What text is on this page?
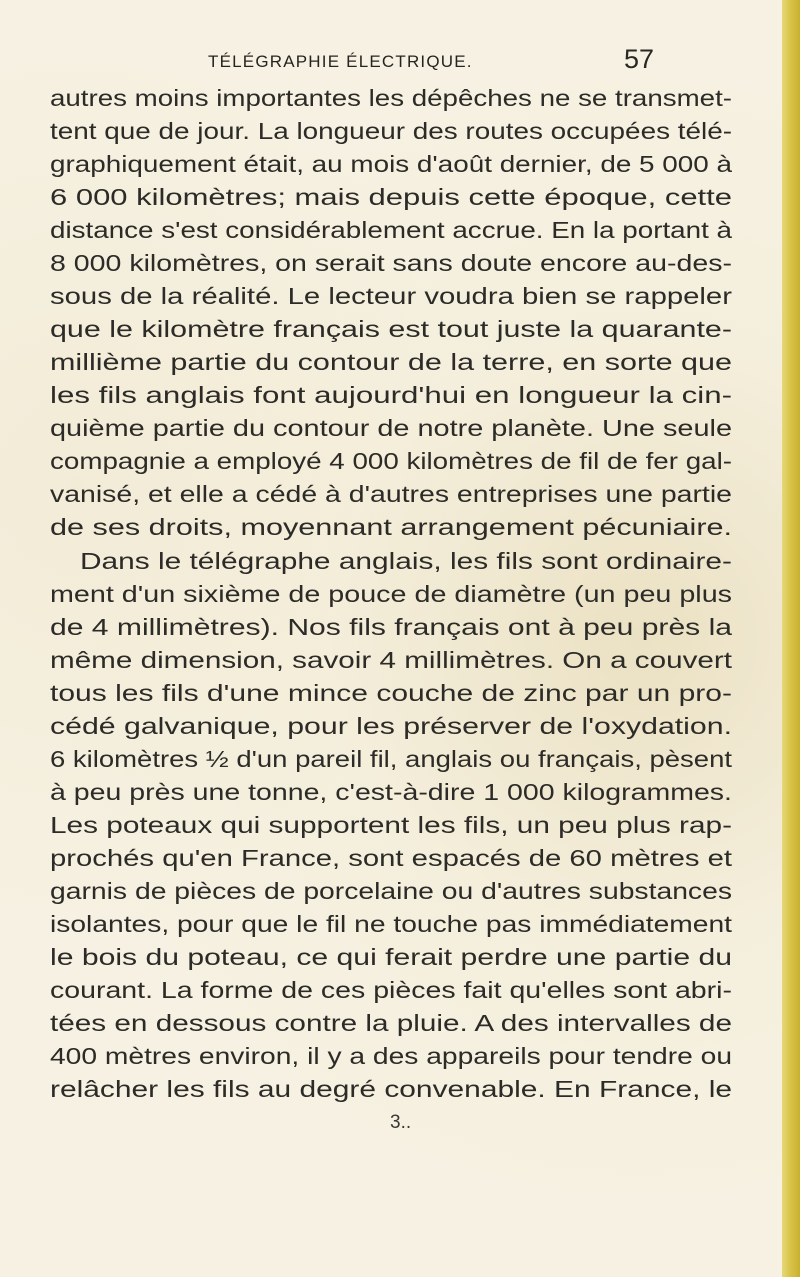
TÉLÉGRAPHIE ÉLECTRIQUE.	57
autres moins importantes les dépêches ne se transmet-
tent que de jour. La longueur des routes occupées télé-
graphiquement était, au mois d'août dernier, de 5 000 à
6 000 kilomètres; mais depuis cette époque, cette
distance s'est considérablement accrue. En la portant à
8 000 kilomètres, on serait sans doute encore au-des-
sous de la réalité. Le lecteur voudra bien se rappeler
que le kilomètre français est tout juste la quarante-
millième partie du contour de la terre, en sorte que
les fils anglais font aujourd'hui en longueur la cin-
quième partie du contour de notre planète. Une seule
compagnie a employé 4 000 kilomètres de fil de fer gal-
vanisé, et elle a cédé à d'autres entreprises une partie
de ses droits, moyennant arrangement pécuniaire.
Dans le télégraphe anglais, les fils sont ordinaire-
ment d'un sixième de pouce de diamètre (un peu plus
de 4 millimètres). Nos fils français ont à peu près la
même dimension, savoir 4 millimètres. On a couvert
tous les fils d'une mince couche de zinc par un pro-
cédé galvanique, pour les préserver de l'oxydation.
6 kilomètres ½ d'un pareil fil, anglais ou français, pèsent
à peu près une tonne, c'est-à-dire 1 000 kilogrammes.
Les poteaux qui supportent les fils, un peu plus rap-
prochés qu'en France, sont espacés de 60 mètres et
garnis de pièces de porcelaine ou d'autres substances
isolantes, pour que le fil ne touche pas immédiatement
le bois du poteau, ce qui ferait perdre une partie du
courant. La forme de ces pièces fait qu'elles sont abri-
tées en dessous contre la pluie. A des intervalles de
400 mètres environ, il y a des appareils pour tendre ou
relâcher les fils au degré convenable. En France, le
3..
